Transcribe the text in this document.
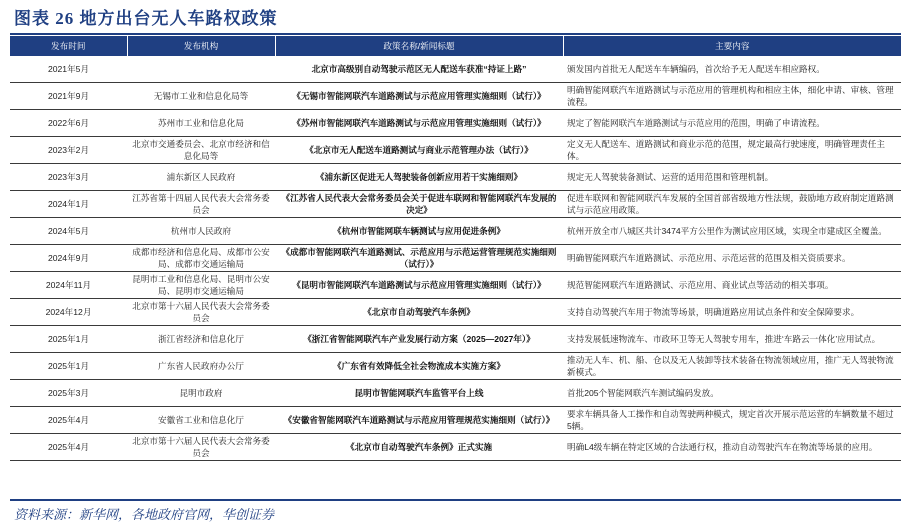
图表 26 地方出台无人车路权政策
发布时间	发布机构	政策名称/新闻标题	主要内容
2021年5月		北京市高级别自动驾驶示范区无人配送车获准“持证上路”	颁发国内首批无人配送车车辆编码，首次给予无人配送车相应路权。
2021年9月	无锡市工业和信息化局等	《无锡市智能网联汽车道路测试与示范应用管理实施细则（试行）》	明确智能网联汽车道路测试与示范应用的管理机构和相应主体，细化申请、审核、管理流程。
2022年6月	苏州市工业和信息化局	《苏州市智能网联汽车道路测试与示范应用管理实施细则（试行）》	规定了智能网联汽车道路测试与示范应用的范围，明确了申请流程。
2023年2月	北京市交通委员会、北京市经济和信息化局等	《北京市无人配送车道路测试与商业示范管理办法（试行）》	定义无人配送车、道路测试和商业示范的范围，规定最高行驶速度，明确管理责任主体。
2023年3月	浦东新区人民政府	《浦东新区促进无人驾驶装备创新应用若干实施细则》	规定无人驾驶装备测试、运营的适用范围和管理机制。
2024年1月	江苏省第十四届人民代表大会常务委员会	《江苏省人民代表大会常务委员会关于促进车联网和智能网联汽车发展的决定》	促进车联网和智能网联汽车发展的全国首部省级地方性法规，鼓励地方政府制定道路测试与示范应用政策。
2024年5月	杭州市人民政府	《杭州市智能网联车辆测试与应用促进条例》	杭州开放全市八城区共计3474平方公里作为测试应用区域，实现全市建成区全覆盖。
2024年9月	成都市经济和信息化局、成都市公安局、成都市交通运输局	《成都市智能网联汽车道路测试、示范应用与示范运营管理规范实施细则（试行）》	明确智能网联汽车道路测试、示范应用、示范运营的范围及相关资质要求。
2024年11月	昆明市工业和信息化局、昆明市公安局、昆明市交通运输局	《昆明市智能网联汽车道路测试与示范应用管理实施细则（试行）》	规范智能网联汽车道路测试、示范应用、商业试点等活动的相关事项。
2024年12月	北京市第十六届人民代表大会常务委员会	《北京市自动驾驶汽车条例》	支持自动驾驶汽车用于物流等场景，明确道路应用试点条件和安全保障要求。
2025年1月	浙江省经济和信息化厅	《浙江省智能网联汽车产业发展行动方案（2025—2027年）》	支持发展低速物流车、市政环卫等无人驾驶专用车，推进‘车路云一体化’应用试点。
2025年1月	广东省人民政府办公厅	《广东省有效降低全社会物流成本实施方案》	推动无人车、机、船、仓以及无人装卸等技术装备在物流领域应用，推广无人驾驶物流新模式。
2025年3月	昆明市政府	昆明市智能网联汽车监管平台上线	首批205个智能网联汽车测试编码发放。
2025年4月	安徽省工业和信息化厅	《安徽省智能网联汽车道路测试与示范应用管理规范实施细则（试行）》	要求车辆具备人工操作和自动驾驶两种模式，规定首次开展示范运营的车辆数量不超过5辆。
2025年4月	北京市第十六届人民代表大会常务委员会	《北京市自动驾驶汽车条例》正式实施	明确L4级车辆在特定区域的合法通行权，推动自动驾驶汽车在物流等场景的应用。
资料来源：新华网，各地政府官网，华创证券
